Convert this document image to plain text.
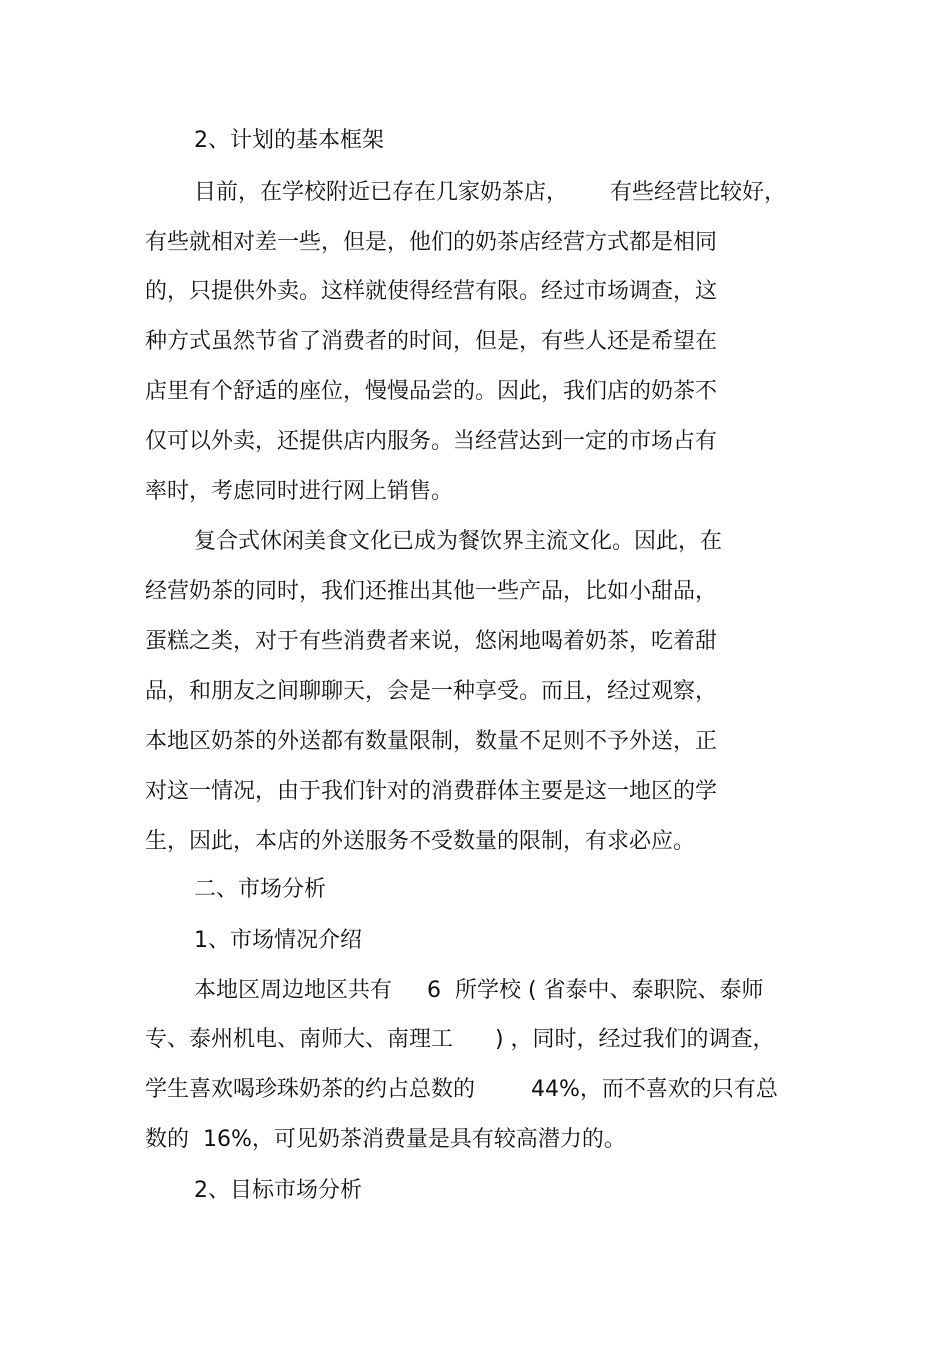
2、计划的基本框架

目前，在学校附近已存在几家奶茶店，      有些经营比较好，

有些就相对差一些，但是，他们的奶茶店经营方式都是相同

的，只提供外卖。这样就使得经营有限。经过市场调查，这

种方式虽然节省了消费者的时间，但是，有些人还是希望在

店里有个舒适的座位，慢慢品尝的。因此，我们店的奶茶不

仅可以外卖，还提供店内服务。当经营达到一定的市场占有

率时，考虑同时进行网上销售。

复合式休闲美食文化已成为餐饮界主流文化。因此，在

经营奶茶的同时，我们还推出其他一些产品，比如小甜品，

蛋糕之类，对于有些消费者来说，悠闲地喝着奶茶，吃着甜

品，和朋友之间聊聊天，会是一种享受。而且，经过观察，

本地区奶茶的外送都有数量限制，数量不足则不予外送，正

对这一情况，由于我们针对的消费群体主要是这一地区的学

生，因此，本店的外送服务不受数量的限制，有求必应。

二、市场分析

1、市场情况介绍

本地区周边地区共有     6  所学校 ( 省泰中、泰职院、泰师

专、泰州机电、南师大、南理工      ) ，同时，经过我们的调查，

学生喜欢喝珍珠奶茶的约占总数的        44%，而不喜欢的只有总

数的  16%，可见奶茶消费量是具有较高潜力的。

2、目标市场分析
